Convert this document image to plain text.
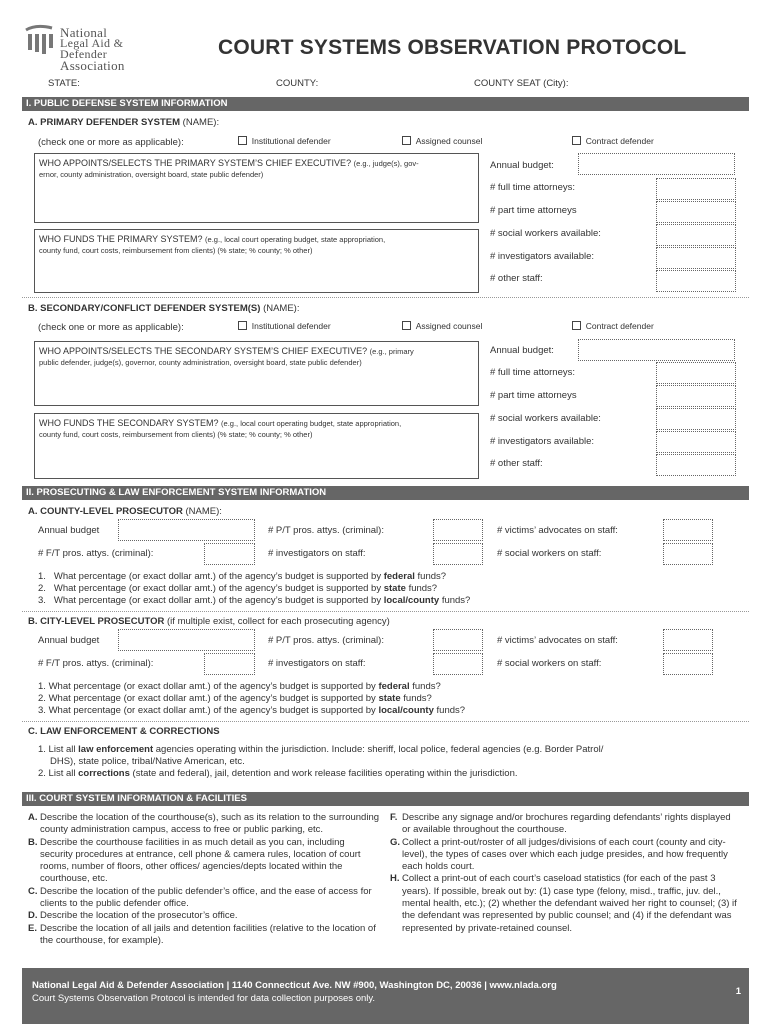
National
Legal Aid &
Defender
Association
COURT SYSTEMS OBSERVATION PROTOCOL
STATE:	COUNTY:	COUNTY SEAT (City):
I. PUBLIC DEFENSE SYSTEM INFORMATION
A. PRIMARY DEFENDER SYSTEM (NAME):
(check one or more as applicable):	Institutional defender	Assigned counsel	Contract defender
WHO APPOINTS/SELECTS THE PRIMARY SYSTEM’S CHIEF EXECUTIVE? (e.g., judge(s), gov-
ernor, county administration, oversight board, state public defender)
WHO FUNDS THE PRIMARY SYSTEM? (e.g., local court operating budget, state appropriation,
county fund, court costs, reimbursement from clients) (% state; % county; % other)
Annual budget:
# full time attorneys:
# part time attorneys
# social workers available:
# investigators available:
# other staff:
B. SECONDARY/CONFLICT DEFENDER SYSTEM(S) (NAME):
(check one or more as applicable):	Institutional defender	Assigned counsel	Contract defender
WHO APPOINTS/SELECTS THE SECONDARY SYSTEM’S CHIEF EXECUTIVE? (e.g., primary
public defender, judge(s), governor, county administration, oversight board, state public defender)
WHO FUNDS THE SECONDARY SYSTEM? (e.g., local court operating budget, state appropriation,
county fund, court costs, reimbursement from clients) (% state; % county; % other)
Annual budget:
# full time attorneys:
# part time attorneys
# social workers available:
# investigators available:
# other staff:
II. PROSECUTING & LAW ENFORCEMENT SYSTEM INFORMATION
A. COUNTY-LEVEL PROSECUTOR (NAME):
Annual budget	# P/T pros. attys. (criminal):	# victims’ advocates on staff:
# F/T pros. attys. (criminal):	# investigators on staff:	# social workers on staff:
1. What percentage (or exact dollar amt.) of the agency’s budget is supported by federal funds?
2. What percentage (or exact dollar amt.) of the agency’s budget is supported by state funds?
3. What percentage (or exact dollar amt.) of the agency’s budget is supported by local/county funds?
B. CITY-LEVEL PROSECUTOR (if multiple exist, collect for each prosecuting agency)
Annual budget	# P/T pros. attys. (criminal):	# victims’ advocates on staff:
# F/T pros. attys. (criminal):	# investigators on staff:	# social workers on staff:
1. What percentage (or exact dollar amt.) of the agency’s budget is supported by federal funds?
2. What percentage (or exact dollar amt.) of the agency’s budget is supported by state funds?
3. What percentage (or exact dollar amt.) of the agency’s budget is supported by local/county funds?
C. LAW ENFORCEMENT & CORRECTIONS
1. List all law enforcement agencies operating within the jurisdiction. Include: sheriff, local police, federal agencies (e.g. Border Patrol/
DHS), state police, tribal/Native American, etc.
2. List all corrections (state and federal), jail, detention and work release facilities operating within the jurisdiction.
III. COURT SYSTEM INFORMATION & FACILITIES
A. Describe the location of the courthouse(s), such as its relation to the surrounding county administration campus, access to free or public parking, etc.
B. Describe the courthouse facilities in as much detail as you can, including security procedures at entrance, cell phone & camera rules, location of court rooms, number of floors, other offices/ agencies/depts located within the courthouse, etc.
C. Describe the location of the public defender’s office, and the ease of access for clients to the public defender office.
D. Describe the location of the prosecutor’s office.
E. Describe the location of all jails and detention facilities (relative to the location of the courthouse, for example).
F. Describe any signage and/or brochures regarding defendants’ rights displayed or available throughout the courthouse.
G. Collect a print-out/roster of all judges/divisions of each court (county and city-level), the types of cases over which each judge presides, and how frequently each holds court.
H. Collect a print-out of each court’s caseload statistics (for each of the past 3 years). If possible, break out by: (1) case type (felony, misd., traffic, juv. del., mental health, etc.); (2) whether the defendant waived her right to counsel; (3) if the defendant was represented by public counsel; and (4) if the defendant was represented by private-retained counsel.
National Legal Aid & Defender Association | 1140 Connecticut Ave. NW #900, Washington DC, 20036 | www.nlada.org
Court Systems Observation Protocol is intended for data collection purposes only.
1
